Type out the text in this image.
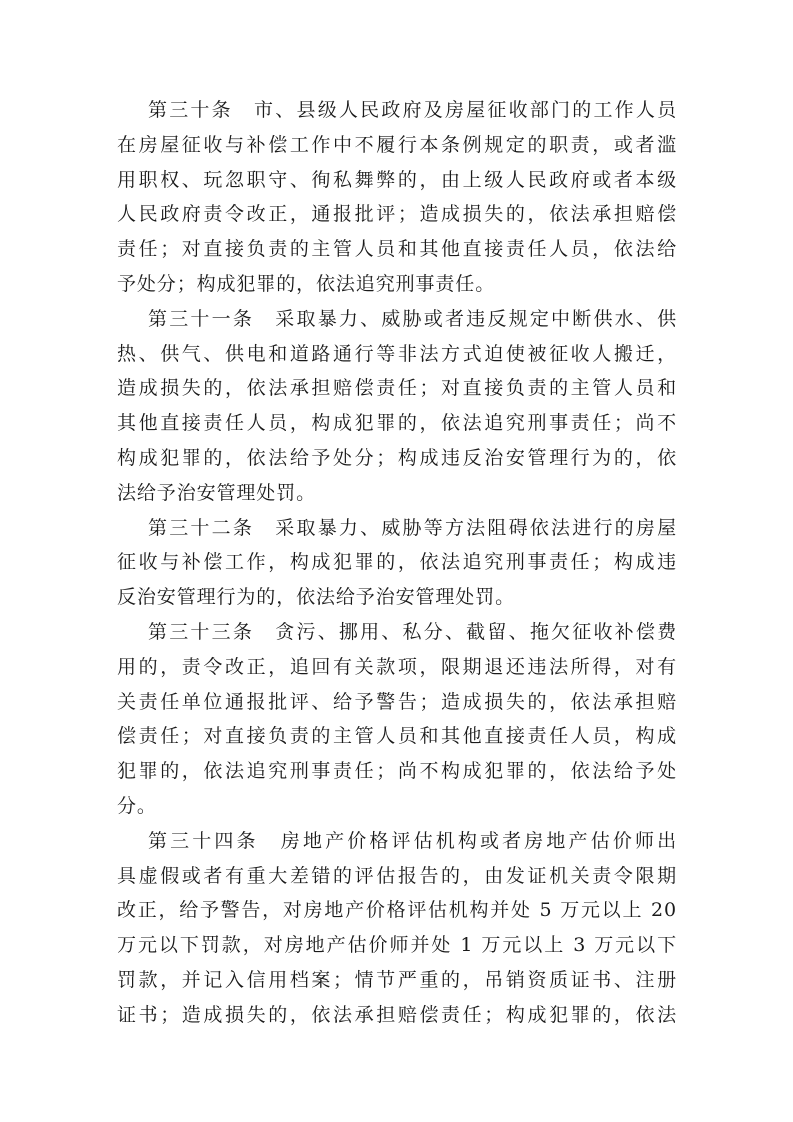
第三十条　市、县级人民政府及房屋征收部门的工作人员
在房屋征收与补偿工作中不履行本条例规定的职责，或者滥
用职权、玩忽职守、徇私舞弊的，由上级人民政府或者本级
人民政府责令改正，通报批评；造成损失的，依法承担赔偿
责任；对直接负责的主管人员和其他直接责任人员，依法给
予处分；构成犯罪的，依法追究刑事责任。
第三十一条　采取暴力、威胁或者违反规定中断供水、供
热、供气、供电和道路通行等非法方式迫使被征收人搬迁，
造成损失的，依法承担赔偿责任；对直接负责的主管人员和
其他直接责任人员，构成犯罪的，依法追究刑事责任；尚不
构成犯罪的，依法给予处分；构成违反治安管理行为的，依
法给予治安管理处罚。
第三十二条　采取暴力、威胁等方法阻碍依法进行的房屋
征收与补偿工作，构成犯罪的，依法追究刑事责任；构成违
反治安管理行为的，依法给予治安管理处罚。
第三十三条　贪污、挪用、私分、截留、拖欠征收补偿费
用的，责令改正，追回有关款项，限期退还违法所得，对有
关责任单位通报批评、给予警告；造成损失的，依法承担赔
偿责任；对直接负责的主管人员和其他直接责任人员，构成
犯罪的，依法追究刑事责任；尚不构成犯罪的，依法给予处
分。
第三十四条　房地产价格评估机构或者房地产估价师出
具虚假或者有重大差错的评估报告的，由发证机关责令限期
改正，给予警告，对房地产价格评估机构并处 5 万元以上 20
万元以下罚款，对房地产估价师并处 1 万元以上 3 万元以下
罚款，并记入信用档案；情节严重的，吊销资质证书、注册
证书；造成损失的，依法承担赔偿责任；构成犯罪的，依法
